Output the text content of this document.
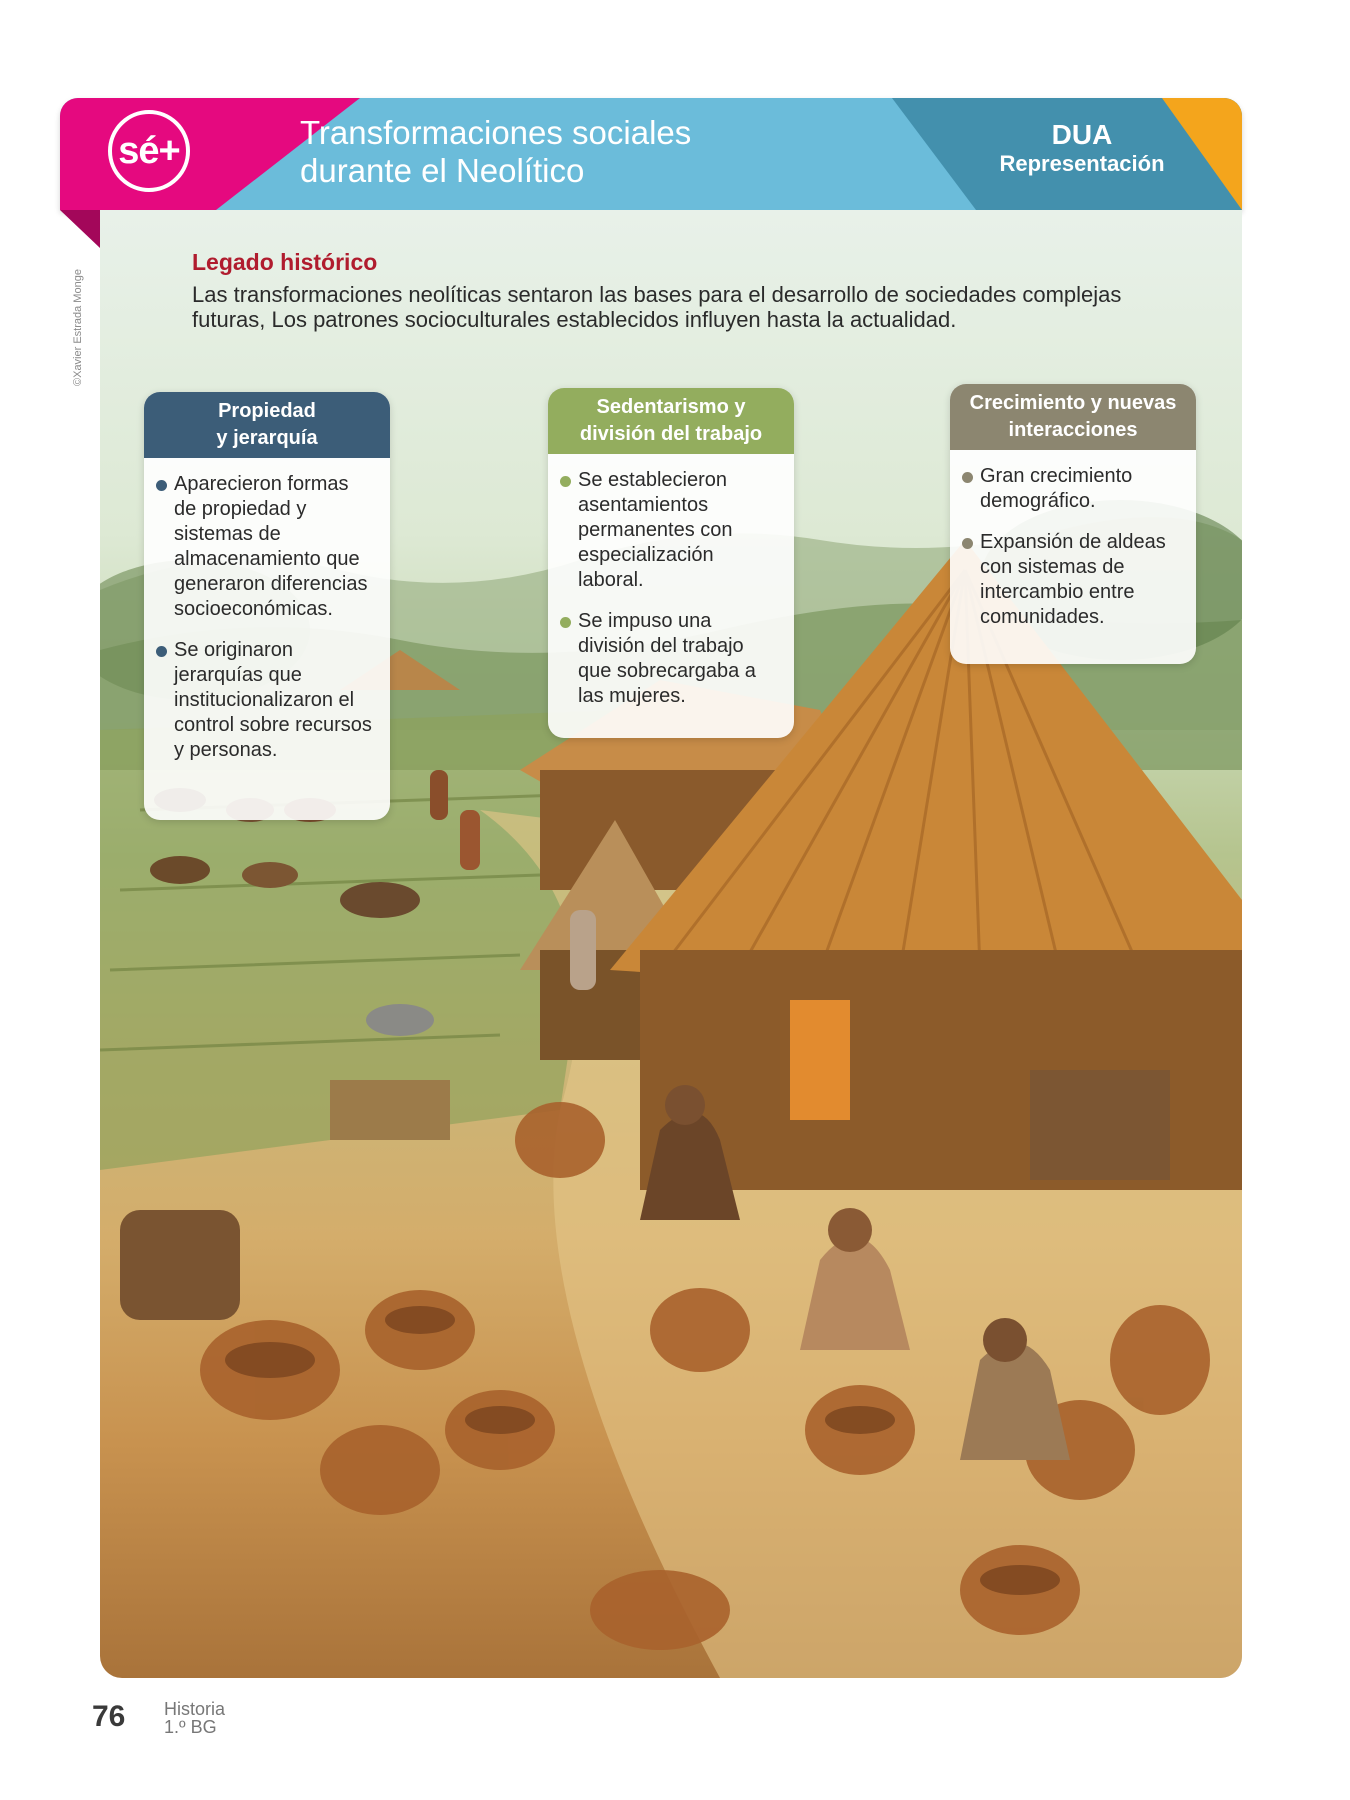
sé+	Transformaciones sociales
durante el Neolítico
DUA
Representación
©Xavier Estrada Monge
Legado histórico
Las transformaciones neolíticas sentaron las bases para el desarrollo de sociedades complejas futuras, Los patrones socioculturales establecidos influyen hasta la actualidad.
Propiedad
y jerarquía
Aparecieron formas de propiedad y sistemas de almacenamiento que generaron diferencias socioeconómicas.
Se originaron jerarquías que institucionalizaron el control sobre recursos y personas.
Sedentarismo y
división del trabajo
Se establecieron asentamientos permanentes con especialización laboral.
Se impuso una división del trabajo que sobrecargaba a las mujeres.
Crecimiento y nuevas
interacciones
Gran crecimiento demográfico.
Expansión de aldeas con sistemas de intercambio entre comunidades.
76 Historia
1.º BG
